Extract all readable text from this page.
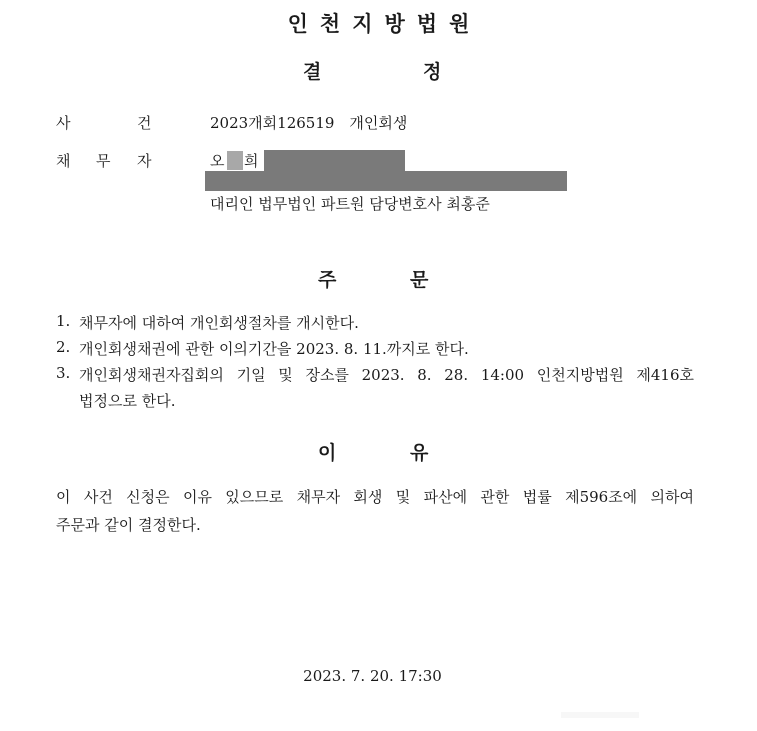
인천지방법원
결	정
사	건	2023개회126519　개인회생
채 무 자	오 희
대리인 법무법인 파트원 담당변호사 최홍준
주	문
1. 채무자에 대하여 개인회생절차를 개시한다.
2. 개인회생채권에 관한 이의기간을 2023. 8. 11.까지로 한다.
3. 개인회생채권자집회의 기일 및 장소를 2023. 8. 28. 14:00 인천지방법원 제416호
법정으로 한다.
이	유
이 사건 신청은 이유 있으므로 채무자 회생 및 파산에 관한 법률 제596조에 의하여
주문과 같이 결정한다.
2023. 7. 20. 17:30
